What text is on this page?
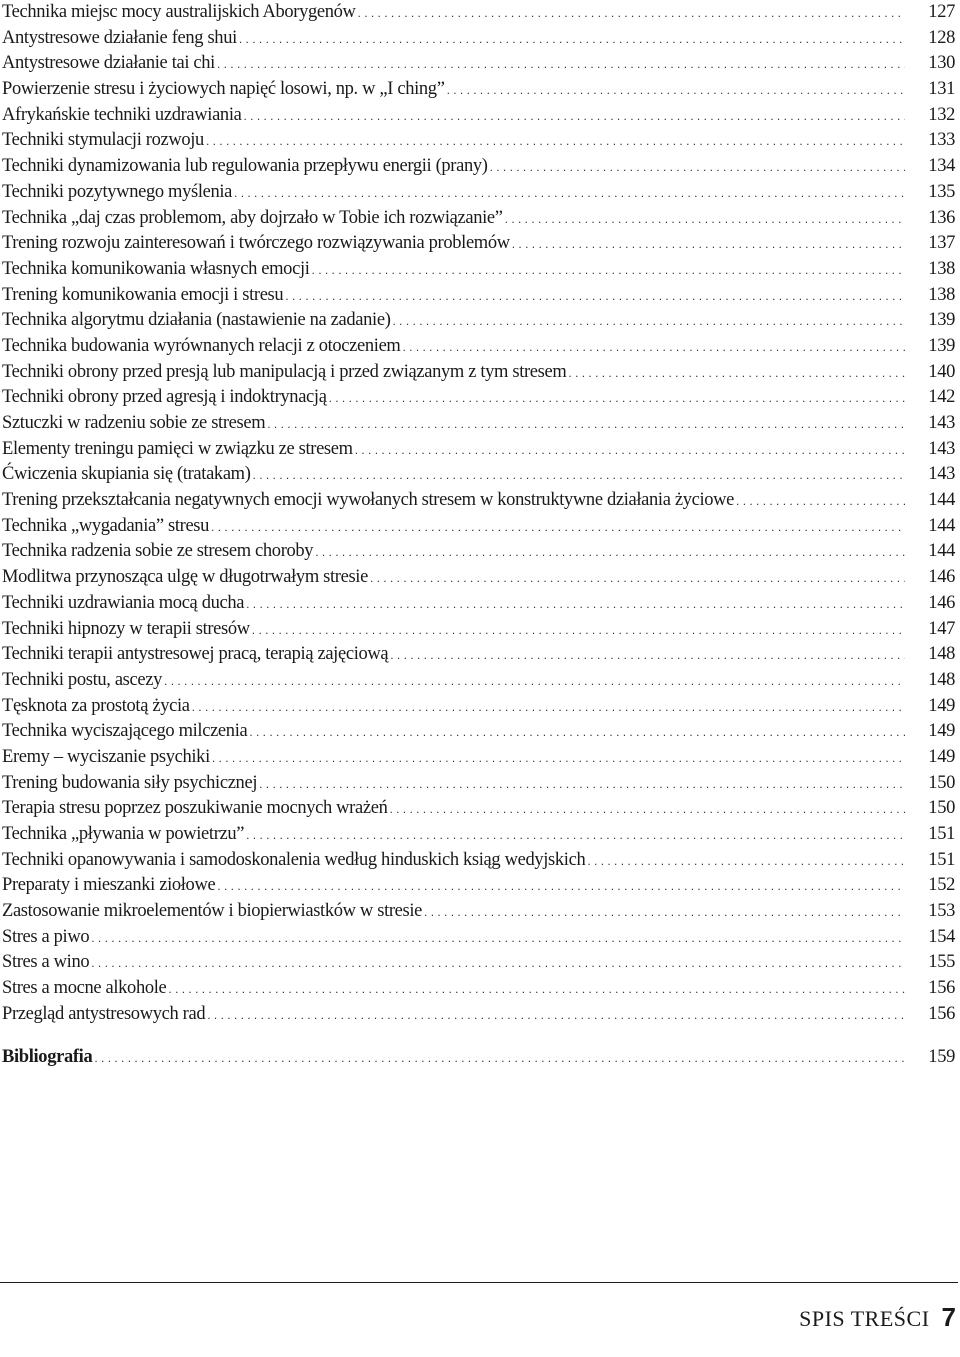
Technika miejsc mocy australijskich Aborygenów . . .	127
Antystresowe działanie feng shui . . .	128
Antystresowe działanie tai chi . . .	130
Powierzenie stresu i życiowych napięć losowi, np. w „I ching” . . .	131
Afrykańskie techniki uzdrawiania . . .	132
Techniki stymulacji rozwoju . . .	133
Techniki dynamizowania lub regulowania przepływu energii (prany) . . .	134
Techniki pozytywnego myślenia . . .	135
Technika „daj czas problemom, aby dojrzało w Tobie ich rozwiązanie” . . .	136
Trening rozwoju zainteresowań i twórczego rozwiązywania problemów . . .	137
Technika komunikowania własnych emocji . . .	138
Trening komunikowania emocji i stresu . . .	138
Technika algorytmu działania (nastawienie na zadanie) . . .	139
Technika budowania wyrównanych relacji z otoczeniem . . .	139
Techniki obrony przed presją lub manipulacją i przed związanym z tym stresem . . .	140
Techniki obrony przed agresją i indoktrynacją . . .	142
Sztuczki w radzeniu sobie ze stresem . . .	143
Elementy treningu pamięci w związku ze stresem . . .	143
Ćwiczenia skupiania się (tratakam) . . .	143
Trening przekształcania negatywnych emocji wywołanych stresem w konstruktywne działania życiowe . . .	144
Technika „wygadania” stresu . . .	144
Technika radzenia sobie ze stresem choroby . . .	144
Modlitwa przynosząca ulgę w długotrwałym stresie . . .	146
Techniki uzdrawiania mocą ducha . . .	146
Techniki hipnozy w terapii stresów . . .	147
Techniki terapii antystresowej pracą, terapią zajęciową . . .	148
Techniki postu, ascezy . . .	148
Tęsknota za prostotą życia . . .	149
Technika wyciszającego milczenia . . .	149
Eremy – wyciszanie psychiki . . .	149
Trening budowania siły psychicznej . . .	150
Terapia stresu poprzez poszukiwanie mocnych wrażeń . . .	150
Technika „pływania w powietrzu” . . .	151
Techniki opanowywania i samodoskonalenia według hinduskich ksiąg wedyjskich . . .	151
Preparaty i mieszanki ziołowe . . .	152
Zastosowanie mikroelementów i biopierwiastków w stresie . . .	153
Stres a piwo . . .	154
Stres a wino . . .	155
Stres a mocne alkohole . . .	156
Przegląd antystresowych rad . . .	156
Bibliografia . . .	159
SPIS TREŚCI 7
